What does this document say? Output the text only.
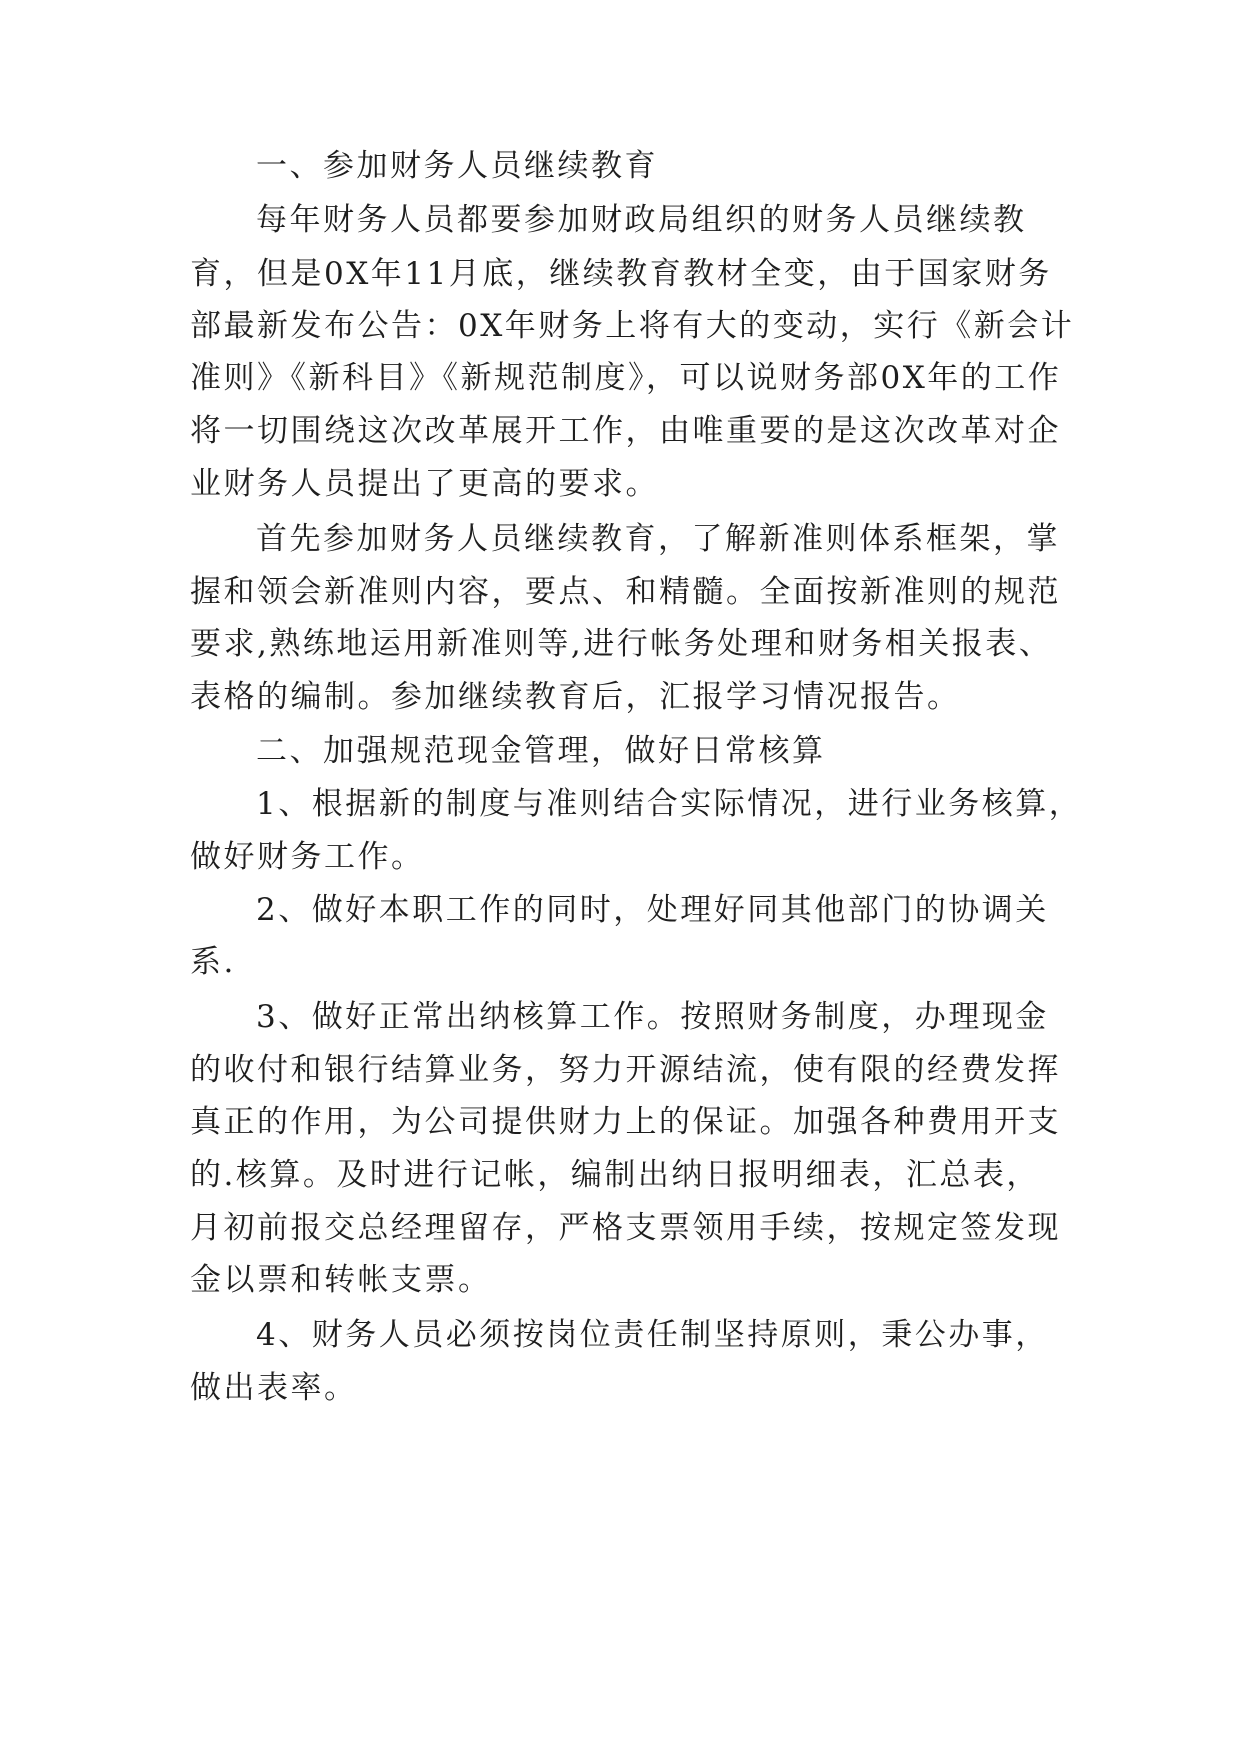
一、参加财务人员继续教育

每年财务人员都要参加财政局组织的财务人员继续教

育，但是0X年11月底，继续教育教材全变，由于国家财务

部最新发布公告：0X年财务上将有大的变动，实行《新会计

准则》《新科目》《新规范制度》，可以说财务部0X年的工作

将一切围绕这次改革展开工作，由唯重要的是这次改革对企

业财务人员提出了更高的要求。

首先参加财务人员继续教育，了解新准则体系框架，掌

握和领会新准则内容，要点、和精髓。全面按新准则的规范

要求,熟练地运用新准则等,进行帐务处理和财务相关报表、

表格的编制。参加继续教育后，汇报学习情况报告。

二、加强规范现金管理，做好日常核算

1、根据新的制度与准则结合实际情况，进行业务核算，

做好财务工作。

2、做好本职工作的同时，处理好同其他部门的协调关

系.

3、做好正常出纳核算工作。按照财务制度，办理现金

的收付和银行结算业务，努力开源结流，使有限的经费发挥

真正的作用，为公司提供财力上的保证。加强各种费用开支

的.核算。及时进行记帐，编制出纳日报明细表，汇总表，

月初前报交总经理留存，严格支票领用手续，按规定签发现

金以票和转帐支票。

4、财务人员必须按岗位责任制坚持原则，秉公办事，

做出表率。
